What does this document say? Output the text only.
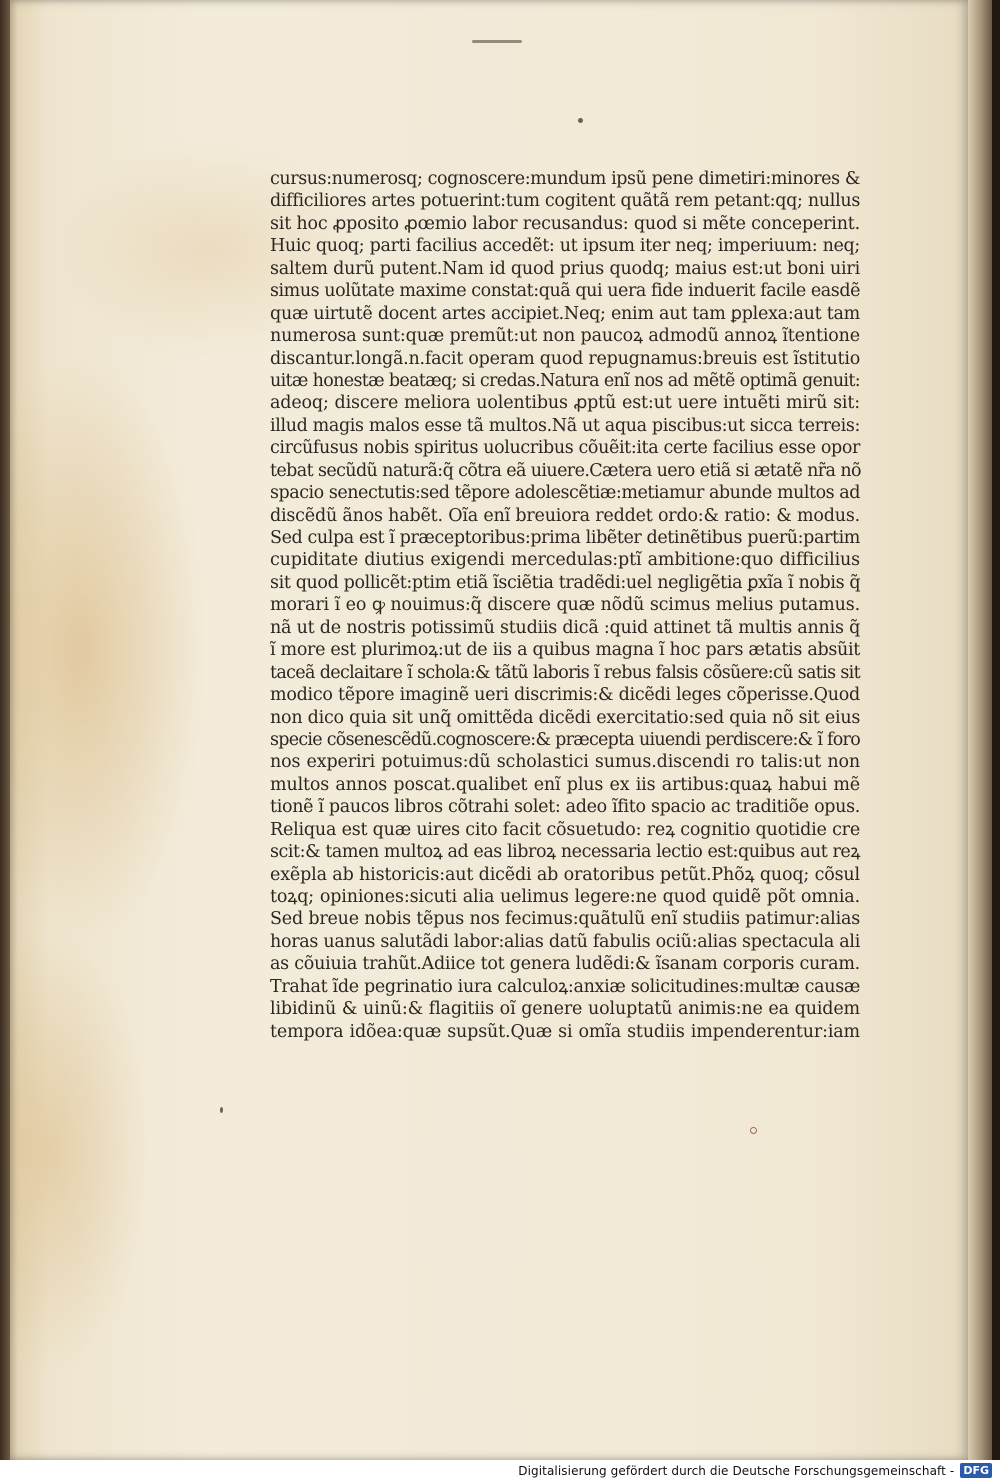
cursus:numerosq; cognoscere:mundum ipsũ pene dimetiri:minores &
difficiliores artes potuerint:tum cogitent quãtã rem petant:qq; nullus
sit hoc ꝓposito ꝓœmio labor recusandus: quod si mẽte conceperint.
Huic quoq; parti facilius accedẽt: ut ipsum iter neq; imperiuum: neq;
saltem durũ putent.Nam id quod prius quodq; maius est:ut boni uiri
simus uolũtate maxime constat:quã qui uera fide induerit facile easdẽ
quæ uirtutẽ docent artes accipiet.Neq; enim aut tam ꝑplexa:aut tam
numerosa sunt:quæ premũt:ut non paucoꝝ admodũ annoꝝ ĩtentione
discantur.longã.n.facit operam quod repugnamus:breuis est ĩstitutio
uitæ honestæ beatæq; si credas.Natura enĩ nos ad mẽtẽ optimã genuit:
adeoq; discere meliora uolentibus ꝓptũ est:ut uere intuẽti mirũ sit:
illud magis malos esse tã multos.Nã ut aqua piscibus:ut sicca terreis:
circũfusus nobis spiritus uolucribus cõuẽit:ita certe facilius esse opor
tebat secũdũ naturã:q̃ cõtra eã uiuere.Cætera uero etiã si ætatẽ nr̃a nõ
spacio senectutis:sed tẽpore adolescẽtiæ:metiamur abunde multos ad
discẽdũ ãnos habẽt. Oĩa enĩ breuiora reddet ordo:& ratio: & modus.
Sed culpa est ĩ præceptoribus:prima libẽter detinẽtibus puerũ:partim
cupiditate diutius exigendi mercedulas:ptĩ ambitione:quo difficilius
sit quod pollicẽt:ptim etiã ĩsciẽtia tradẽdi:uel negligẽtia ꝑxĩa ĩ nobis q̃
morari ĩ eo ꝙ nouimus:q̃ discere quæ nõdũ scimus melius putamus.
nã ut de nostris potissimũ studiis dicã :quid attinet tã multis annis q̃
ĩ more est plurimoꝝ:ut de iis a quibus magna ĩ hoc pars ætatis absũit
taceã declaitare ĩ schola:& tãtũ laboris ĩ rebus falsis cõsũere:cũ satis sit
modico tẽpore imaginẽ ueri discrimis:& dicẽdi leges cõperisse.Quod
non dico quia sit unq̃ omittẽda dicẽdi exercitatio:sed quia nõ sit eius
specie cõsenescẽdũ.cognoscere:& præcepta uiuendi perdiscere:& ĩ foro
nos experiri potuimus:dũ scholastici sumus.discendi ro talis:ut non
multos annos poscat.qualibet enĩ plus ex iis artibus:quaꝝ habui mẽ
tionẽ ĩ paucos libros cõtrahi solet: adeo ĩfito spacio ac traditiõe opus.
Reliqua est quæ uires cito facit cõsuetudo: reꝝ cognitio quotidie cre
scit:& tamen multoꝝ ad eas libroꝝ necessaria lectio est:quibus aut reꝝ
exẽpla ab historicis:aut dicẽdi ab oratoribus petũt.Phõꝝ quoq; cõsul
toꝝq; opiniones:sicuti alia uelimus legere:ne quod quidẽ põt omnia.
Sed breue nobis tẽpus nos fecimus:quãtulũ enĩ studiis patimur:alias
horas uanus salutãdi labor:alias datũ fabulis ociũ:alias spectacula ali
as cõuiuia trahũt.Adiice tot genera ludẽdi:& ĩsanam corporis curam.
Trahat ĩde pegrinatio iura calculoꝝ:anxiæ solicitudines:multæ causæ
libidinũ & uinũ:& flagitiis oĩ genere uoluptatũ animis:ne ea quidem
tempora idõea:quæ supsũt.Quæ si omĩa studiis impenderentur:iam
Digitalisierung gefördert durch die Deutsche Forschungsgemeinschaft - DFG
